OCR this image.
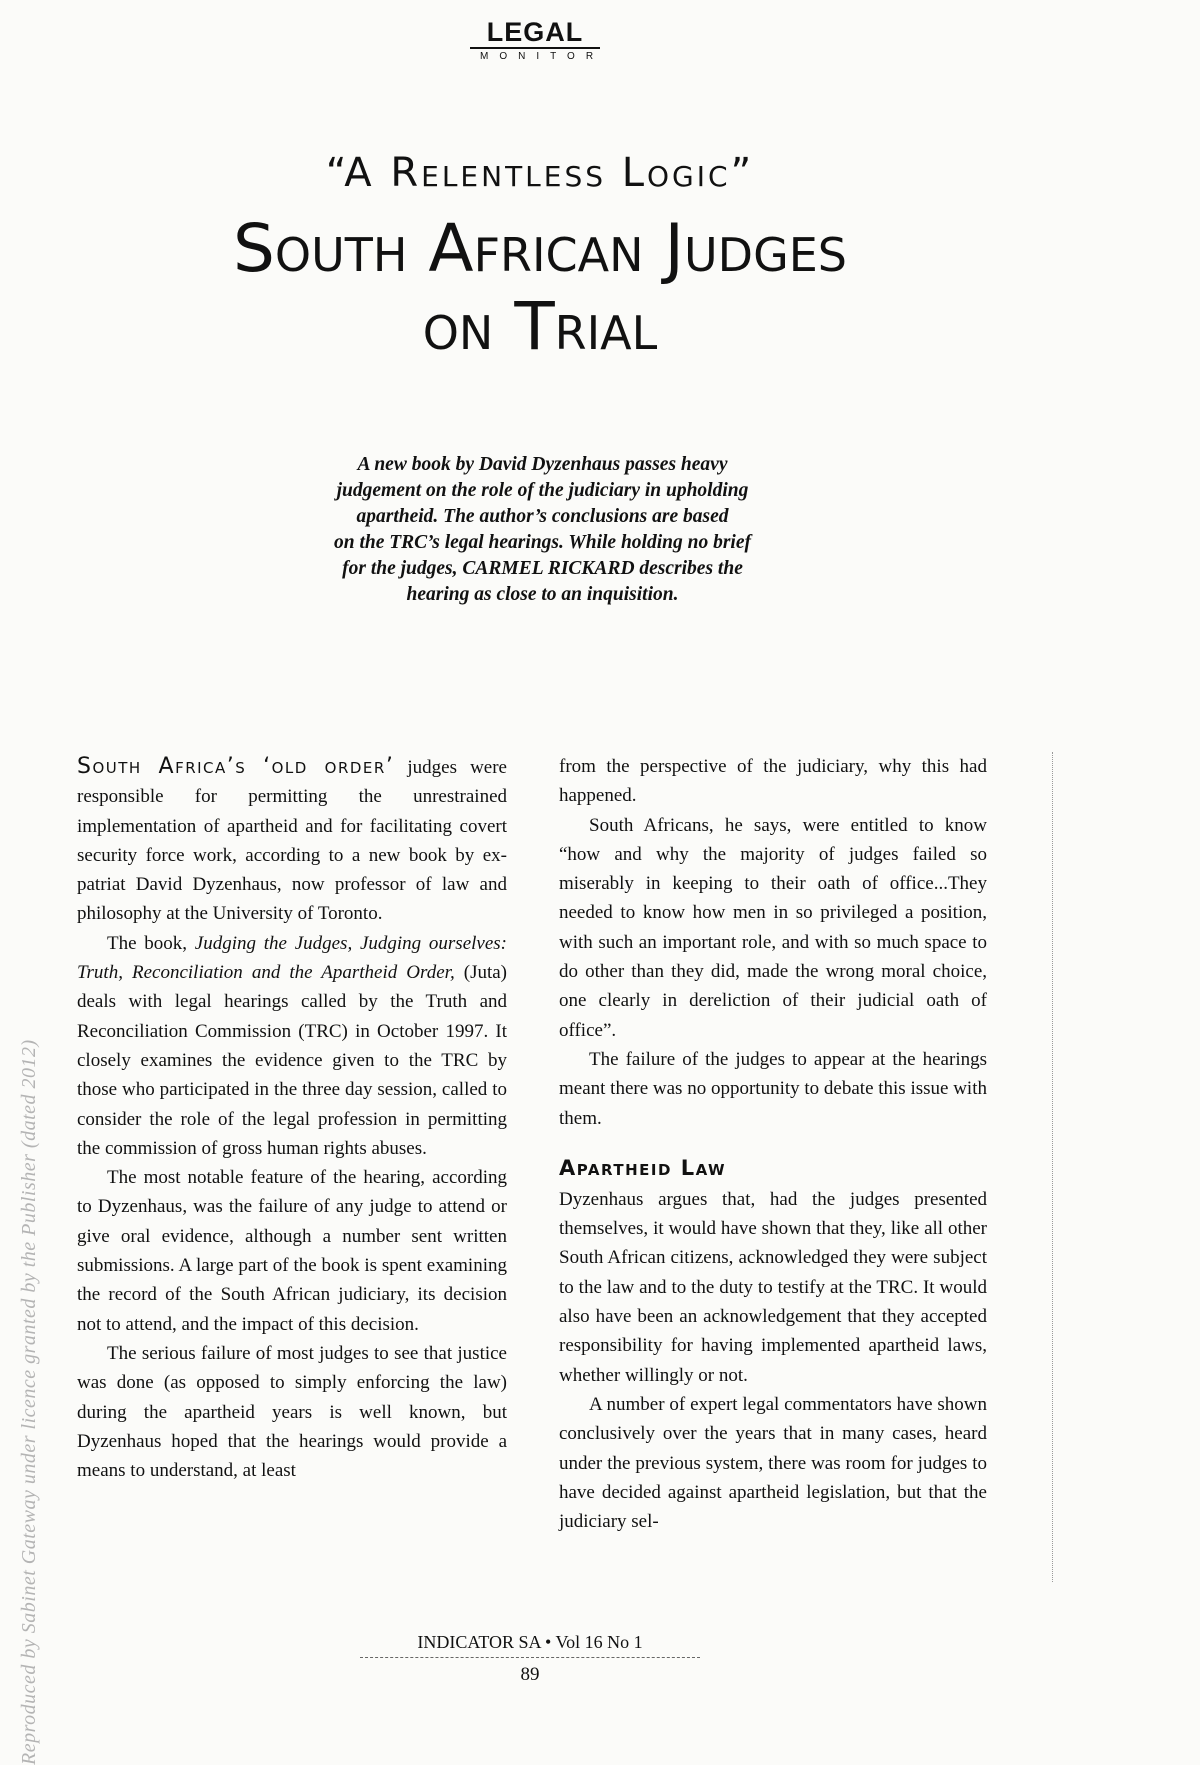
LEGAL
MONITOR
“A Relentless Logic”
South African Judges
on Trial
A new book by David Dyzenhaus passes heavy
judgement on the role of the judiciary in upholding
apartheid. The author’s conclusions are based
on the TRC’s legal hearings. While holding no brief
for the judges, CARMEL RICKARD describes the
hearing as close to an inquisition.

South Africa’s ‘old order’ judges were responsible for permitting the unrestrained implementation of apartheid and for facilitating covert security force work, according to a new book by ex-patriat David Dyzenhaus, now professor of law and philosophy at the University of Toronto.

The book, Judging the Judges, Judging ourselves: Truth, Reconciliation and the Apartheid Order, (Juta) deals with legal hearings called by the Truth and Reconciliation Commission (TRC) in October 1997. It closely examines the evidence given to the TRC by those who participated in the three day session, called to consider the role of the legal profession in permitting the commission of gross human rights abuses.

The most notable feature of the hearing, according to Dyzenhaus, was the failure of any judge to attend or give oral evidence, although a number sent written submissions. A large part of the book is spent examining the record of the South African judiciary, its decision not to attend, and the impact of this decision.

The serious failure of most judges to see that justice was done (as opposed to simply enforcing the law) during the apartheid years is well known, but Dyzenhaus hoped that the hearings would provide a means to understand, at least

from the perspective of the judiciary, why this had happened.

South Africans, he says, were entitled to know “how and why the majority of judges failed so miserably in keeping to their oath of office...They needed to know how men in so privileged a position, with such an important role, and with so much space to do other than they did, made the wrong moral choice, one clearly in dereliction of their judicial oath of office”.

The failure of the judges to appear at the hearings meant there was no opportunity to debate this issue with them.

Apartheid Law

Dyzenhaus argues that, had the judges presented themselves, it would have shown that they, like all other South African citizens, acknowledged they were subject to the law and to the duty to testify at the TRC. It would also have been an acknowledgement that they accepted responsibility for having implemented apartheid laws, whether willingly or not.

A number of expert legal commentators have shown conclusively over the years that in many cases, heard under the previous system, there was room for judges to have decided against apartheid legislation, but that the judiciary sel-

INDICATOR SA • Vol 16 No 1
89
Reproduced by Sabinet Gateway under licence granted by the Publisher (dated 2012)
